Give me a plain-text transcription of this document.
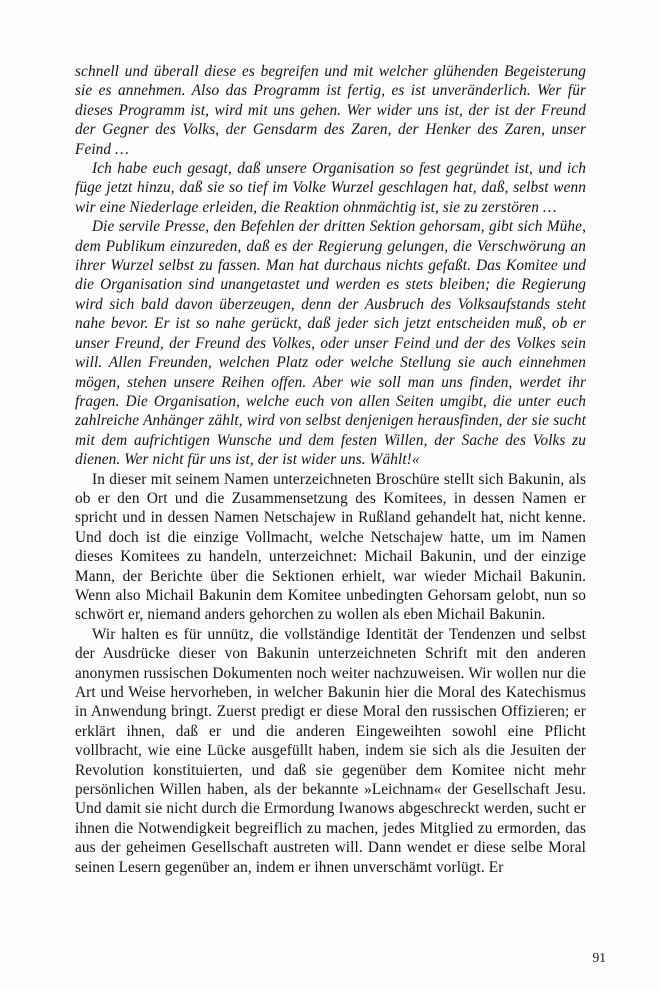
schnell und überall diese es begreifen und mit welcher glühenden Begeisterung sie es annehmen. Also das Programm ist fertig, es ist unveränderlich. Wer für dieses Programm ist, wird mit uns gehen. Wer wider uns ist, der ist der Freund der Gegner des Volks, der Gensdarm des Zaren, der Henker des Zaren, unser Feind …

Ich habe euch gesagt, daß unsere Organisation so fest gegründet ist, und ich füge jetzt hinzu, daß sie so tief im Volke Wurzel geschlagen hat, daß, selbst wenn wir eine Niederlage erleiden, die Reaktion ohnmächtig ist, sie zu zerstören …

Die servile Presse, den Befehlen der dritten Sektion gehorsam, gibt sich Mühe, dem Publikum einzureden, daß es der Regierung gelungen, die Verschwörung an ihrer Wurzel selbst zu fassen. Man hat durchaus nichts gefaßt. Das Komitee und die Organisation sind unangetastet und werden es stets bleiben; die Regierung wird sich bald davon überzeugen, denn der Ausbruch des Volksaufstands steht nahe bevor. Er ist so nahe gerückt, daß jeder sich jetzt entscheiden muß, ob er unser Freund, der Freund des Volkes, oder unser Feind und der des Volkes sein will. Allen Freunden, welchen Platz oder welche Stellung sie auch einnehmen mögen, stehen unsere Reihen offen. Aber wie soll man uns finden, werdet ihr fragen. Die Organisation, welche euch von allen Seiten umgibt, die unter euch zahlreiche Anhänger zählt, wird von selbst denjenigen herausfinden, der sie sucht mit dem aufrichtigen Wunsche und dem festen Willen, der Sache des Volks zu dienen. Wer nicht für uns ist, der ist wider uns. Wählt!«

In dieser mit seinem Namen unterzeichneten Broschüre stellt sich Bakunin, als ob er den Ort und die Zusammensetzung des Komitees, in dessen Namen er spricht und in dessen Namen Netschajew in Rußland gehandelt hat, nicht kenne. Und doch ist die einzige Vollmacht, welche Netschajew hatte, um im Namen dieses Komitees zu handeln, unterzeichnet: Michail Bakunin, und der einzige Mann, der Berichte über die Sektionen erhielt, war wieder Michail Bakunin. Wenn also Michail Bakunin dem Komitee unbedingten Gehorsam gelobt, nun so schwört er, niemand anders gehorchen zu wollen als eben Michail Bakunin.

Wir halten es für unnütz, die vollständige Identität der Tendenzen und selbst der Ausdrücke dieser von Bakunin unterzeichneten Schrift mit den anderen anonymen russischen Dokumenten noch weiter nachzuweisen. Wir wollen nur die Art und Weise hervorheben, in welcher Bakunin hier die Moral des Katechismus in Anwendung bringt. Zuerst predigt er diese Moral den russischen Offizieren; er erklärt ihnen, daß er und die anderen Eingeweihten sowohl eine Pflicht vollbracht, wie eine Lücke ausgefüllt haben, indem sie sich als die Jesuiten der Revolution konstituierten, und daß sie gegenüber dem Komitee nicht mehr persönlichen Willen haben, als der bekannte »Leichnam« der Gesellschaft Jesu. Und damit sie nicht durch die Ermordung Iwanows abgeschreckt werden, sucht er ihnen die Notwendigkeit begreiflich zu machen, jedes Mitglied zu ermorden, das aus der geheimen Gesellschaft austreten will. Dann wendet er diese selbe Moral seinen Lesern gegenüber an, indem er ihnen unverschämt vorlügt. Er

91
